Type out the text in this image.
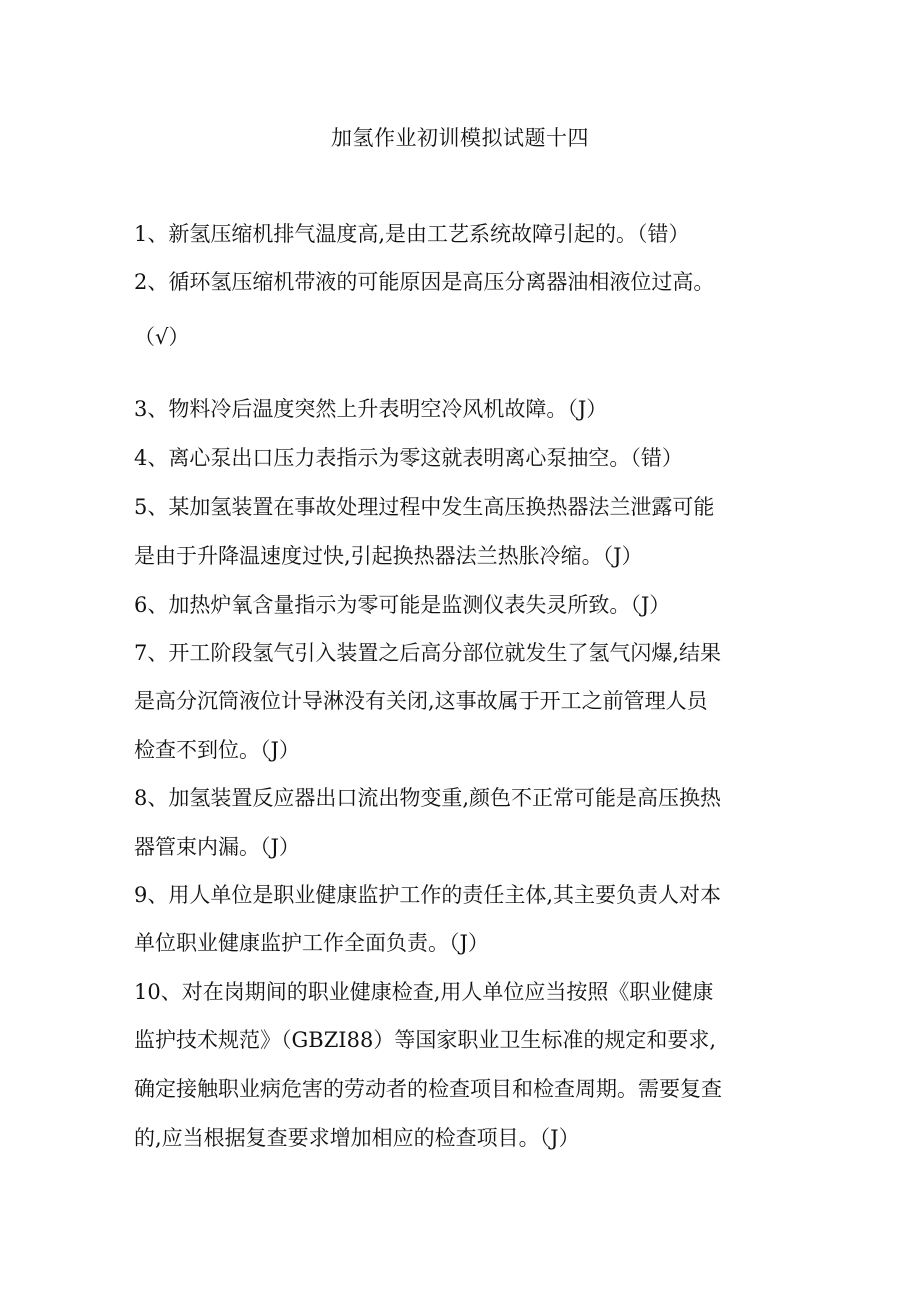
加氢作业初训模拟试题十四
1、新氢压缩机排气温度高,是由工艺系统故障引起的。（错）
2、循环氢压缩机带液的可能原因是高压分离器油相液位过高。
（√）
3、物料冷后温度突然上升表明空冷风机故障。（J）
4、离心泵出口压力表指示为零这就表明离心泵抽空。（错）
5、某加氢装置在事故处理过程中发生高压换热器法兰泄露可能
是由于升降温速度过快,引起换热器法兰热胀冷缩。（J）
6、加热炉氧含量指示为零可能是监测仪表失灵所致。（J）
7、开工阶段氢气引入装置之后高分部位就发生了氢气闪爆,结果
是高分沉筒液位计导淋没有关闭,这事故属于开工之前管理人员
检查不到位。（J）
8、加氢装置反应器出口流出物变重,颜色不正常可能是高压换热
器管束内漏。（J）
9、用人单位是职业健康监护工作的责任主体,其主要负责人对本
单位职业健康监护工作全面负责。（J）
10、对在岗期间的职业健康检查,用人单位应当按照《职业健康
监护技术规范》（GBZI88）等国家职业卫生标准的规定和要求,
确定接触职业病危害的劳动者的检查项目和检查周期。需要复查
的,应当根据复查要求增加相应的检查项目。（J）
